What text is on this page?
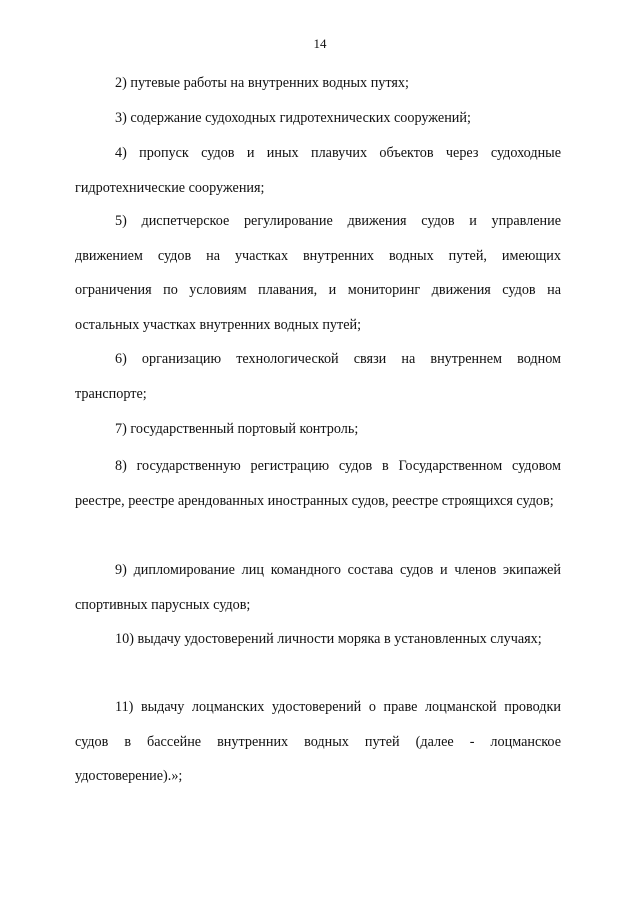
14

2) путевые работы на внутренних водных путях;

3) содержание судоходных гидротехнических сооружений;

4) пропуск судов и иных плавучих объектов через судоходные гидротехнические сооружения;

5) диспетчерское регулирование движения судов и управление движением судов на участках внутренних водных путей, имеющих ограничения по условиям плавания, и мониторинг движения судов на остальных участках внутренних водных путей;

6) организацию технологической связи на внутреннем водном транспорте;

7) государственный портовый контроль;

8) государственную регистрацию судов в Государственном судовом реестре, реестре арендованных иностранных судов, реестре строящихся судов;

9) дипломирование лиц командного состава судов и членов экипажей спортивных парусных судов;

10) выдачу удостоверений личности моряка в установленных случаях;

11) выдачу лоцманских удостоверений о праве лоцманской проводки судов в бассейне внутренних водных путей (далее - лоцманское удостоверение).»;
